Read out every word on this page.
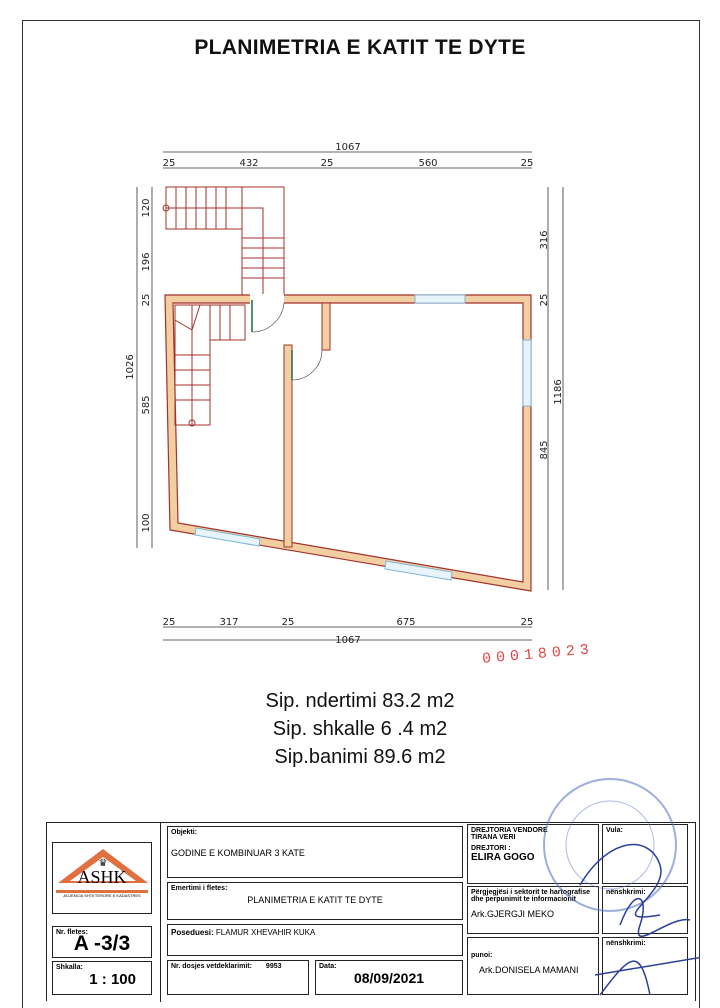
PLANIMETRIA E KATIT TE DYTE
1067
25	432	25	560	25
25	317	25	675	25
1067
1026
120
196
25
585
100
316
25
845
1186
00018023
Sip. ndertimi 83.2 m2
Sip. shkalle 6 .4 m2
Sip.banimi 89.6 m2
♛
ASHK
AGJENCIA SHTETERORE E KADASTRES
Nr. fletes:
A -3/3
Shkalla:
1 : 100
Objekti:
GODINE E KOMBINUAR 3 KATE
Emertimi i fletes:
PLANIMETRIA E KATIT TE DYTE
Poseduesi: FLAMUR XHEVAHIR KUKA
Nr. dosjes vetdeklarimit: 9953	Data:
08/09/2021
DREJTORIA VENDORE
TIRANA VERI
DREJTORI :
ELIRA GOGO
Vula:
Përgjegjësi i sektorit te hartografise
dhe perpunimit te informacionit
Ark.GJERGJI MEKO
nënshkrimi:
punoi:
Ark.DONISELA MAMANI
nënshkrimi:
